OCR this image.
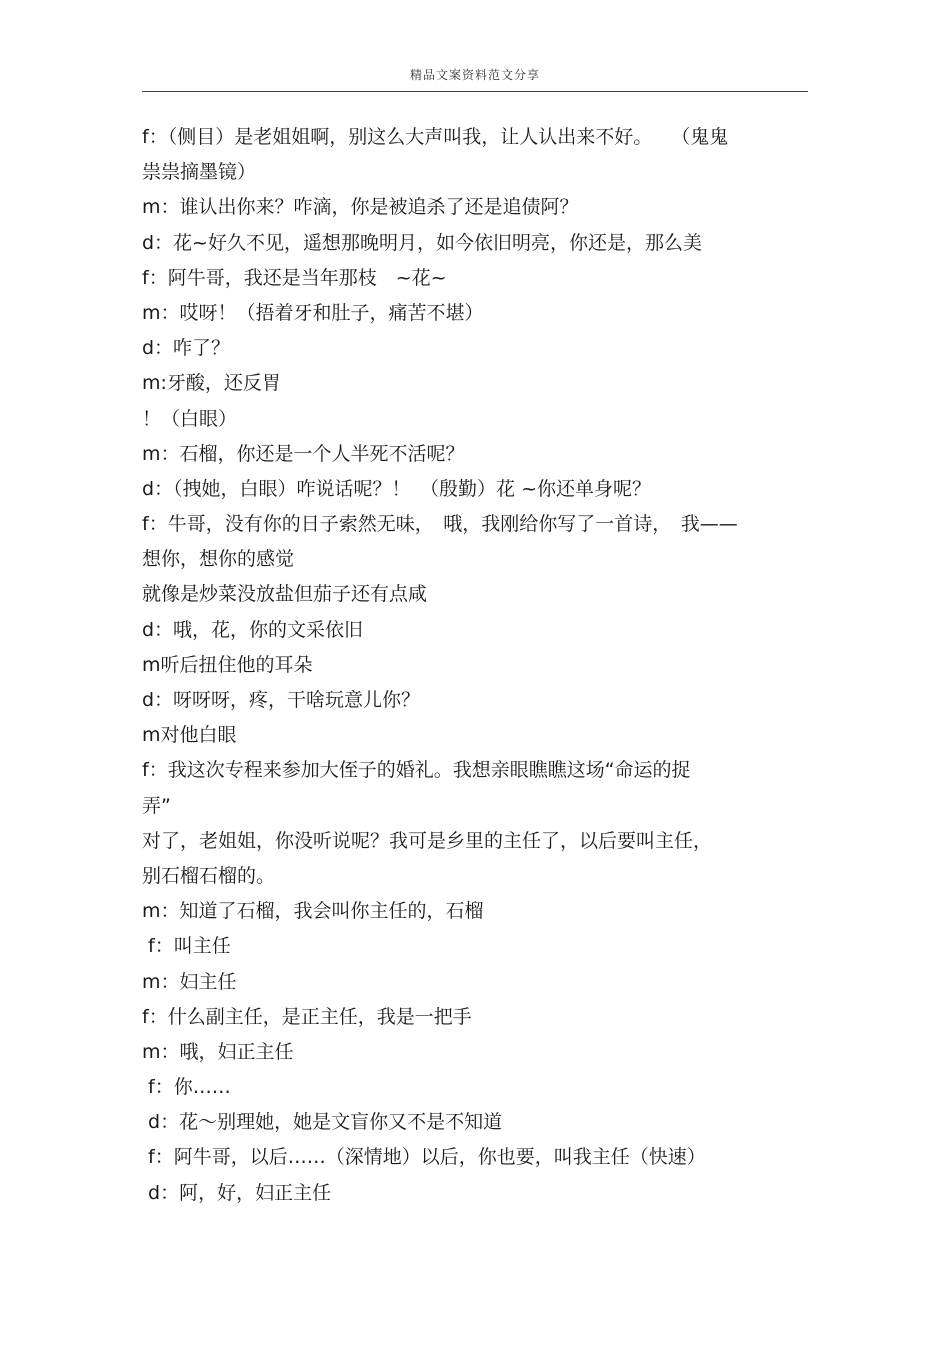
精品文案资料范文分享
f：（侧目）是老姐姐啊，别这么大声叫我，让人认出来不好。　　（鬼鬼
祟祟摘墨镜）
m：谁认出你来？咋滴，你是被追杀了还是追债阿？
d：花~好久不见，遥想那晚明月，如今依旧明亮，你还是，那么美
f：阿牛哥，我还是当年那枝　~花~
m：哎呀！（捂着牙和肚子，痛苦不堪）
d：咋了？
m:牙酸，还反胃
！（白眼）
m：石榴，你还是一个人半死不活呢？
d：（拽她，白眼）咋说话呢？！　（殷勤）花 ~你还单身呢？
f：牛哥，没有你的日子索然无味，　哦，我刚给你写了一首诗，　我——
想你，想你的感觉
就像是炒菜没放盐但茄子还有点咸
d：哦，花，你的文采依旧
m听后扭住他的耳朵
d：呀呀呀，疼，干啥玩意儿你？
m对他白眼
f：我这次专程来参加大侄子的婚礼。我想亲眼瞧瞧这场“命运的捉
弄”
对了，老姐姐，你没听说呢？我可是乡里的主任了，以后要叫主任，
别石榴石榴的。
m：知道了石榴，我会叫你主任的，石榴
f：叫主任
m：妇主任
f：什么副主任，是正主任，我是一把手
m：哦，妇正主任
f：你……
d：花～别理她，她是文盲你又不是不知道
f：阿牛哥，以后……（深情地）以后，你也要，叫我主任（快速）
d：阿，好，妇正主任
